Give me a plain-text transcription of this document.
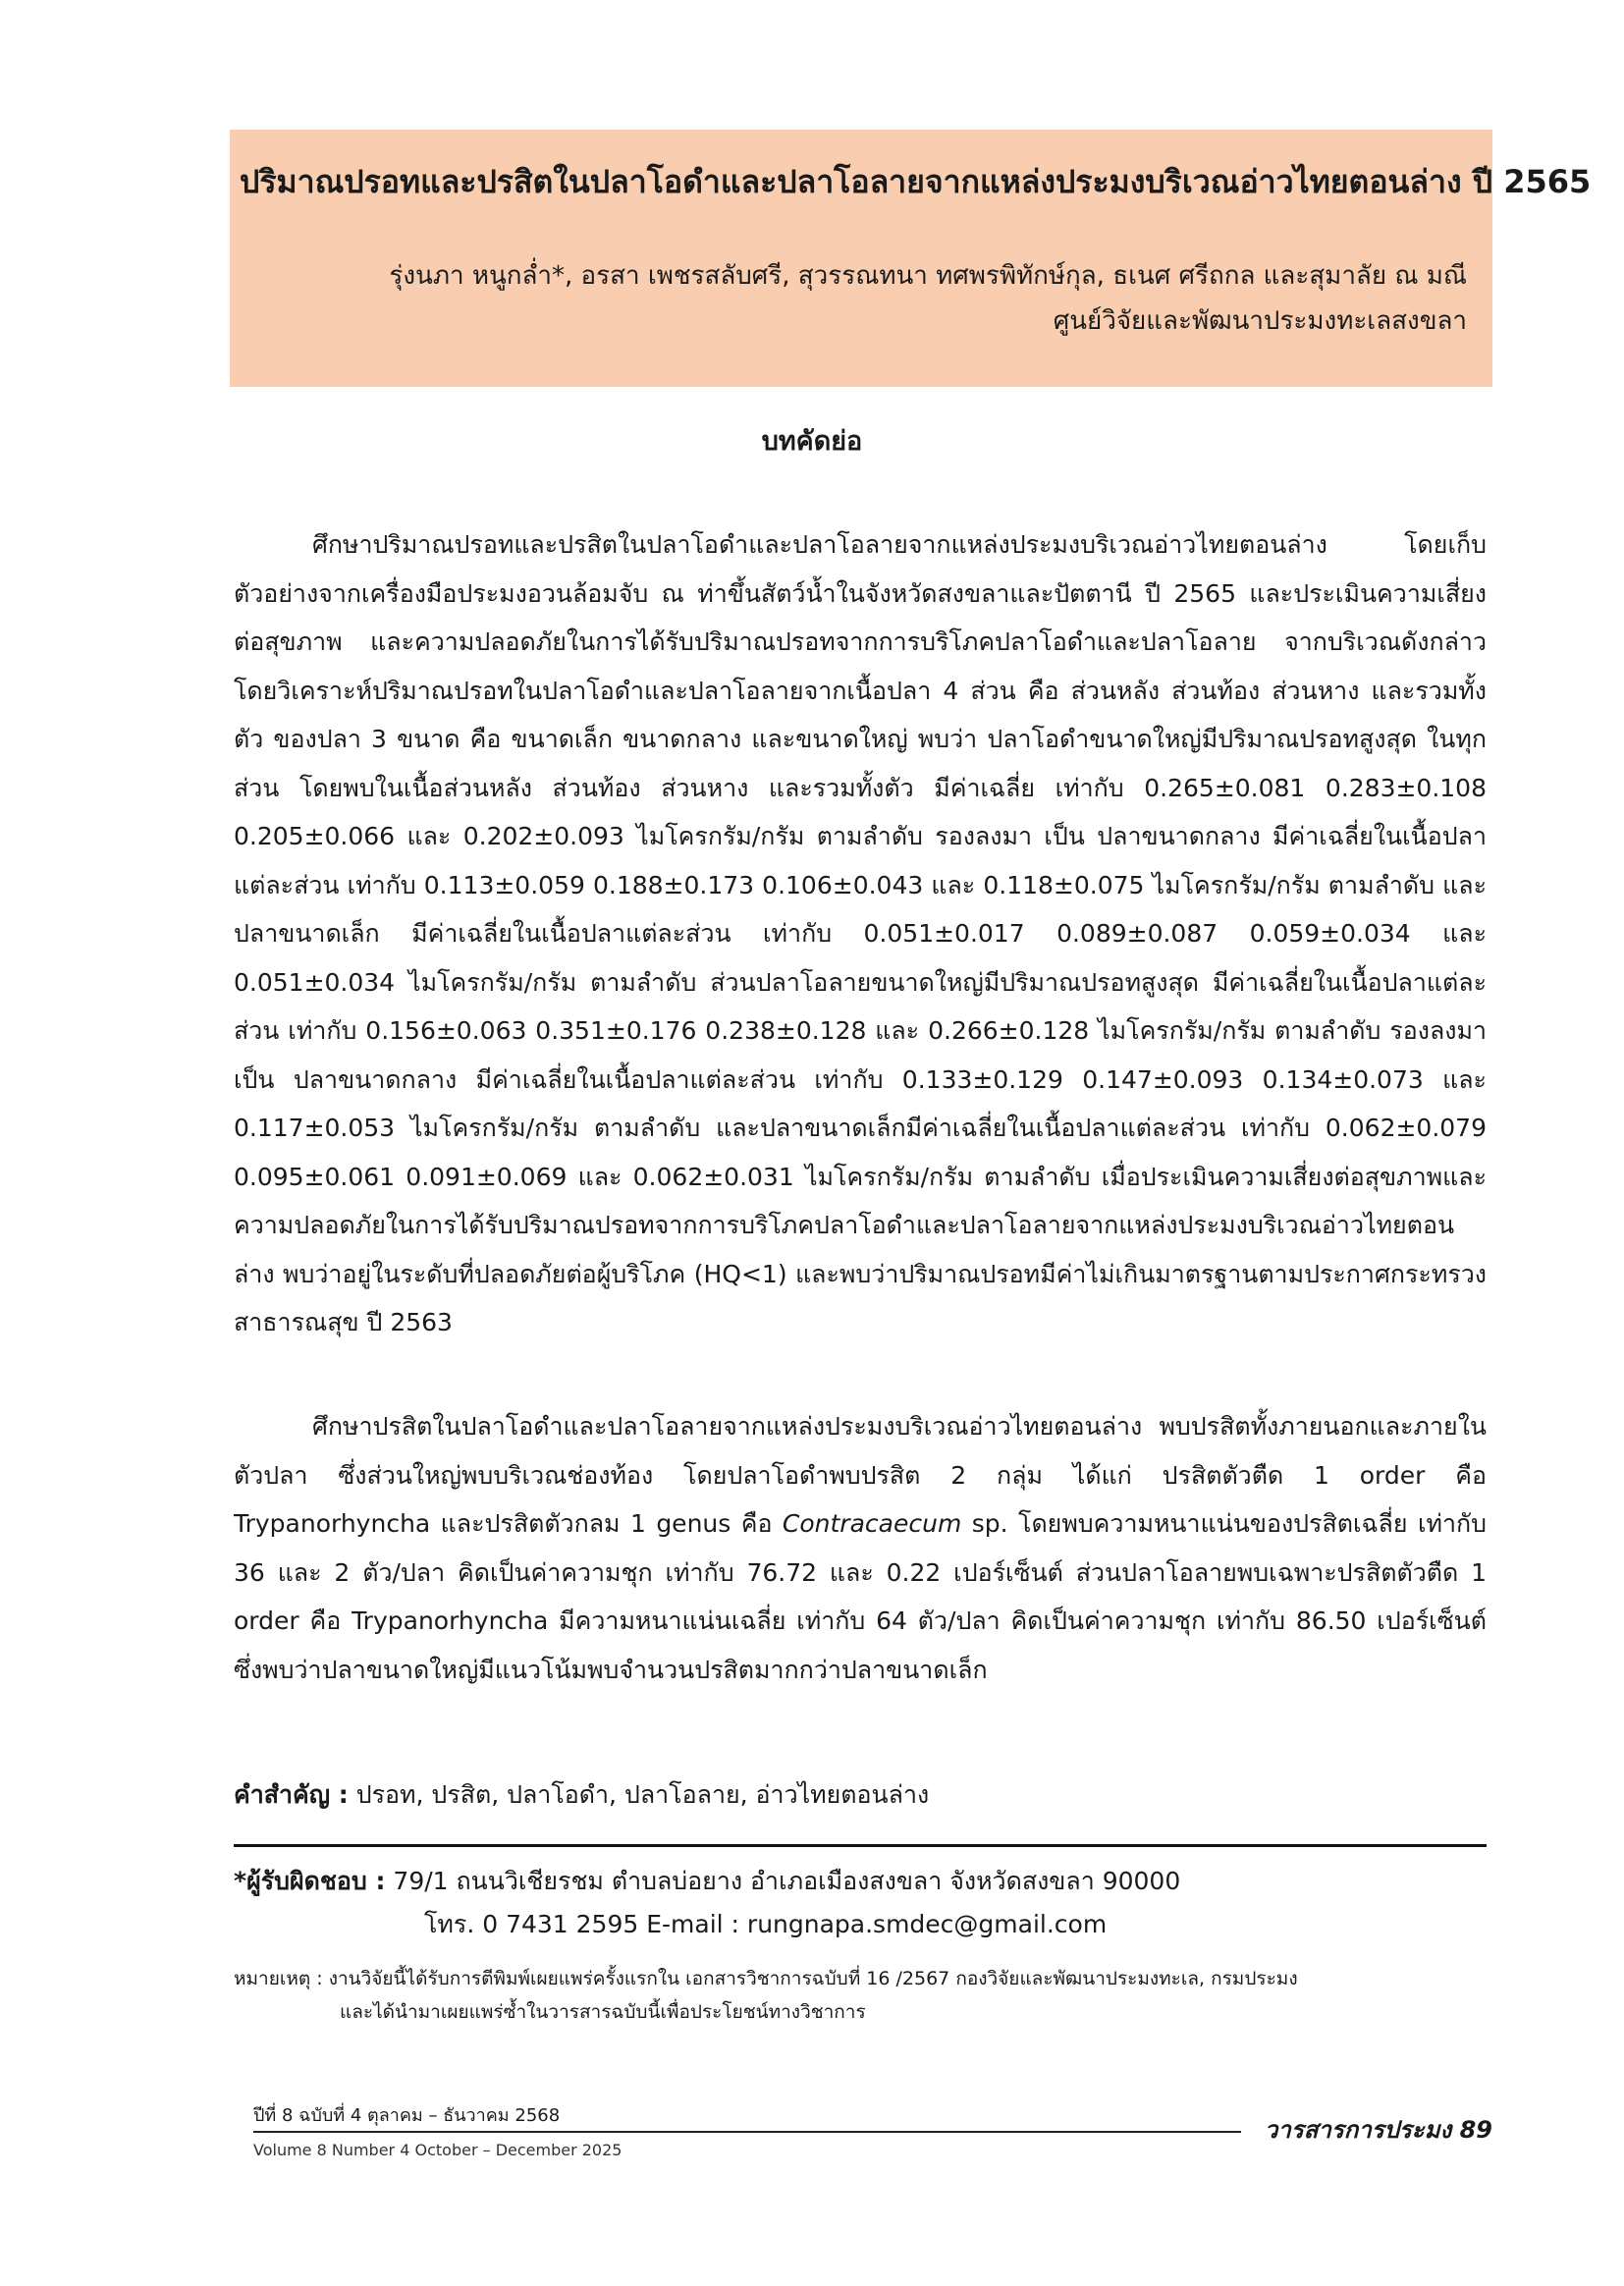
ปริมาณปรอทและปรสิตในปลาโอดำและปลาโอลายจากแหล่งประมงบริเวณอ่าวไทยตอนล่าง ปี 2565
รุ่งนภา หนูกล่ำ*, อรสา เพชรสลับศรี, สุวรรณทนา ทศพรพิทักษ์กุล, ธเนศ ศรีถกล และสุมาลัย ณ มณี
ศูนย์วิจัยและพัฒนาประมงทะเลสงขลา
บทคัดย่อ

ศึกษาปริมาณปรอทและปรสิตในปลาโอดำและปลาโอลายจากแหล่งประมงบริเวณอ่าวไทยตอนล่าง โดยเก็บตัวอย่างจากเครื่องมือประมงอวนล้อมจับ ณ ท่าขึ้นสัตว์น้ำในจังหวัดสงขลาและปัตตานี ปี 2565 และประเมินความเสี่ยงต่อสุขภาพ และความปลอดภัยในการได้รับปริมาณปรอทจากการบริโภคปลาโอดำและปลาโอลาย จากบริเวณดังกล่าว โดยวิเคราะห์ปริมาณปรอทในปลาโอดำและปลาโอลายจากเนื้อปลา 4 ส่วน คือ ส่วนหลัง ส่วนท้อง ส่วนหาง และรวมทั้งตัว ของปลา 3 ขนาด คือ ขนาดเล็ก ขนาดกลาง และขนาดใหญ่ พบว่า ปลาโอดำขนาดใหญ่มีปริมาณปรอทสูงสุด ในทุกส่วน โดยพบในเนื้อส่วนหลัง ส่วนท้อง ส่วนหาง และรวมทั้งตัว มีค่าเฉลี่ย เท่ากับ 0.265±0.081 0.283±0.108 0.205±0.066 และ 0.202±0.093 ไมโครกรัม/กรัม ตามลำดับ รองลงมา เป็น ปลาขนาดกลาง มีค่าเฉลี่ยในเนื้อปลาแต่ละส่วน เท่ากับ 0.113±0.059 0.188±0.173 0.106±0.043 และ 0.118±0.075 ไมโครกรัม/กรัม ตามลำดับ และปลาขนาดเล็ก มีค่าเฉลี่ยในเนื้อปลาแต่ละส่วน เท่ากับ 0.051±0.017 0.089±0.087 0.059±0.034 และ 0.051±0.034 ไมโครกรัม/กรัม ตามลำดับ ส่วนปลาโอลายขนาดใหญ่มีปริมาณปรอทสูงสุด มีค่าเฉลี่ยในเนื้อปลาแต่ละส่วน เท่ากับ 0.156±0.063 0.351±0.176 0.238±0.128 และ 0.266±0.128 ไมโครกรัม/กรัม ตามลำดับ รองลงมา เป็น ปลาขนาดกลาง มีค่าเฉลี่ยในเนื้อปลาแต่ละส่วน เท่ากับ 0.133±0.129 0.147±0.093 0.134±0.073 และ 0.117±0.053 ไมโครกรัม/กรัม ตามลำดับ และปลาขนาดเล็กมีค่าเฉลี่ยในเนื้อปลาแต่ละส่วน เท่ากับ 0.062±0.079 0.095±0.061 0.091±0.069 และ 0.062±0.031 ไมโครกรัม/กรัม ตามลำดับ เมื่อประเมินความเสี่ยงต่อสุขภาพและความปลอดภัยในการได้รับปริมาณปรอทจากการบริโภคปลาโอดำและปลาโอลายจากแหล่งประมงบริเวณอ่าวไทยตอนล่าง พบว่าอยู่ในระดับที่ปลอดภัยต่อผู้บริโภค (HQ<1) และพบว่าปริมาณปรอทมีค่าไม่เกินมาตรฐานตามประกาศกระทรวงสาธารณสุข ปี 2563

ศึกษาปรสิตในปลาโอดำและปลาโอลายจากแหล่งประมงบริเวณอ่าวไทยตอนล่าง พบปรสิตทั้งภายนอกและภายในตัวปลา ซึ่งส่วนใหญ่พบบริเวณช่องท้อง โดยปลาโอดำพบปรสิต 2 กลุ่ม ได้แก่ ปรสิตตัวตืด 1 order คือ Trypanorhyncha และปรสิตตัวกลม 1 genus คือ Contracaecum sp. โดยพบความหนาแน่นของปรสิตเฉลี่ย เท่ากับ 36 และ 2 ตัว/ปลา คิดเป็นค่าความชุก เท่ากับ 76.72 และ 0.22 เปอร์เซ็นต์ ส่วนปลาโอลายพบเฉพาะปรสิตตัวตืด 1 order คือ Trypanorhyncha มีความหนาแน่นเฉลี่ย เท่ากับ 64 ตัว/ปลา คิดเป็นค่าความชุก เท่ากับ 86.50 เปอร์เซ็นต์ ซึ่งพบว่าปลาขนาดใหญ่มีแนวโน้มพบจำนวนปรสิตมากกว่าปลาขนาดเล็ก

คำสำคัญ : ปรอท, ปรสิต, ปลาโอดำ, ปลาโอลาย, อ่าวไทยตอนล่าง
*ผู้รับผิดชอบ : 79/1 ถนนวิเชียรชม ตำบลบ่อยาง อำเภอเมืองสงขลา จังหวัดสงขลา 90000
โทร. 0 7431 2595 E-mail : rungnapa.smdec@gmail.com
หมายเหตุ : งานวิจัยนี้ได้รับการตีพิมพ์เผยแพร่ครั้งแรกใน เอกสารวิชาการฉบับที่ 16 /2567 กองวิจัยและพัฒนาประมงทะเล, กรมประมง
และได้นำมาเผยแพร่ซ้ำในวารสารฉบับนี้เพื่อประโยชน์ทางวิชาการ
ปีที่ 8 ฉบับที่ 4 ตุลาคม – ธันวาคม 2568
Volume 8 Number 4 October – December 2025
วารสารการประมง 89
